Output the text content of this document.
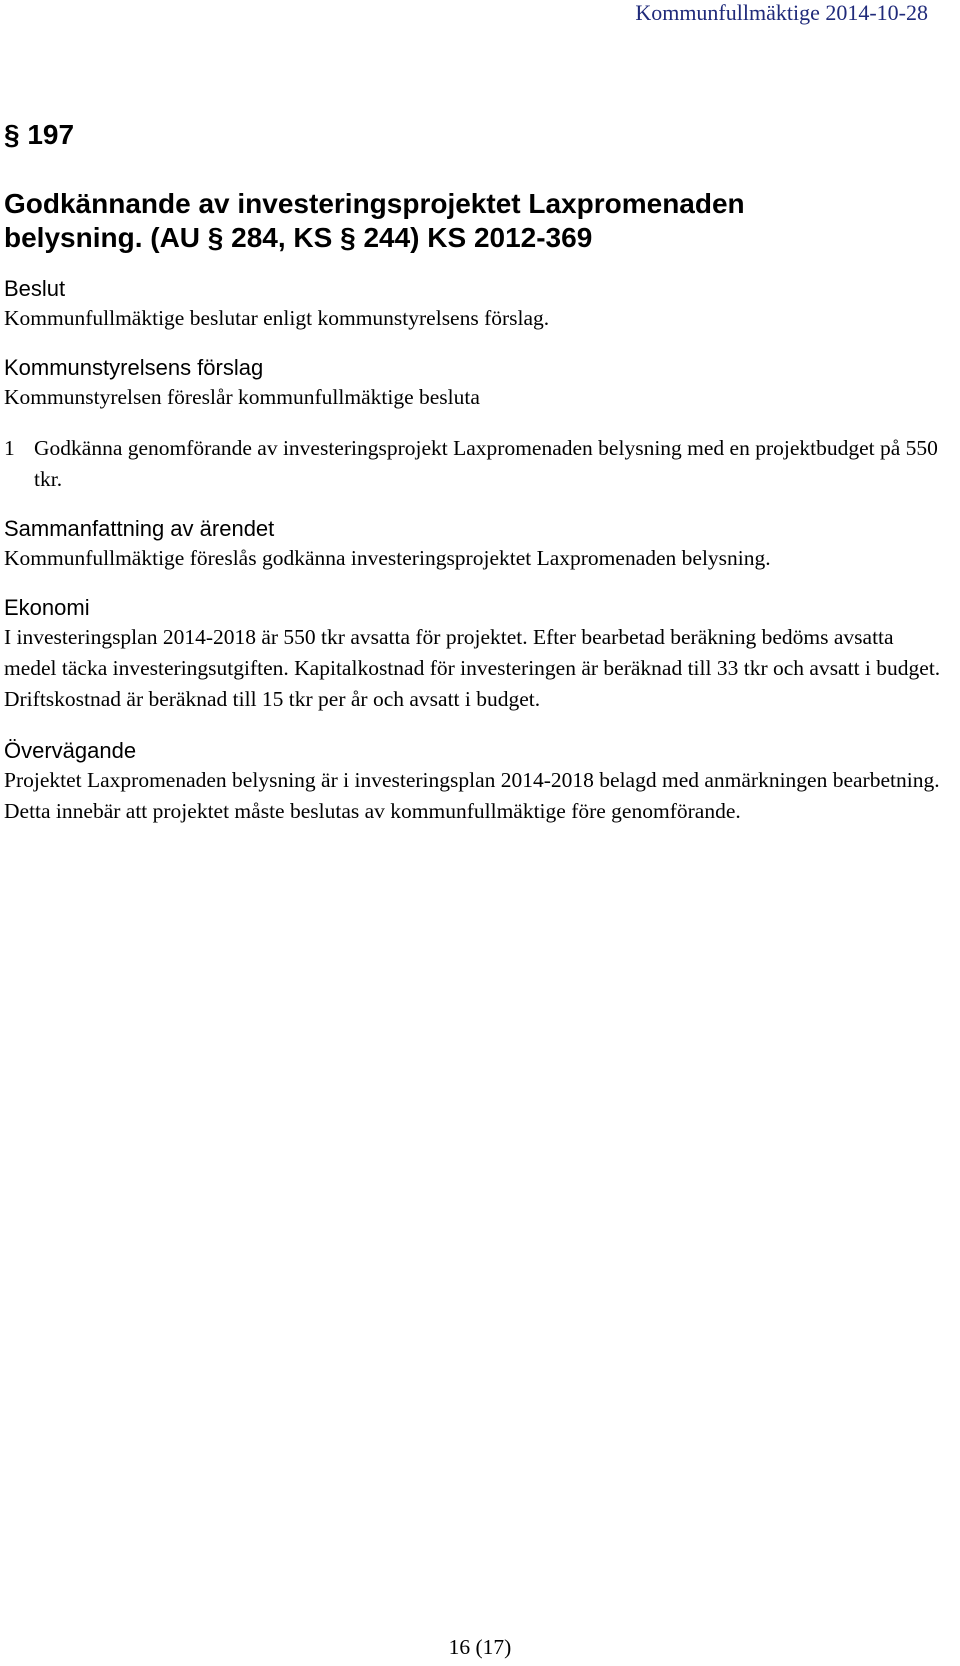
Kommunfullmäktige 2014-10-28
§ 197
Godkännande av investeringsprojektet Laxpromenaden
belysning. (AU § 284, KS § 244) KS 2012-369
Beslut

Kommunfullmäktige beslutar enligt kommunstyrelsens förslag.

Kommunstyrelsens förslag

Kommunstyrelsen föreslår kommunfullmäktige besluta

1 Godkänna genomförande av investeringsprojekt Laxpromenaden belysning med en projektbudget på 550 tkr.
Sammanfattning av ärendet

Kommunfullmäktige föreslås godkänna investeringsprojektet Laxpromenaden belysning.

Ekonomi

I investeringsplan 2014-2018 är 550 tkr avsatta för projektet. Efter bearbetad beräkning bedöms avsatta medel täcka investeringsutgiften. Kapitalkostnad för investeringen är beräknad till 33 tkr och avsatt i budget. Driftskostnad är beräknad till 15 tkr per år och avsatt i budget.

Övervägande

Projektet Laxpromenaden belysning är i investeringsplan 2014-2018 belagd med anmärkningen bearbetning. Detta innebär att projektet måste beslutas av kommunfullmäktige före genomförande.

16 (17)
